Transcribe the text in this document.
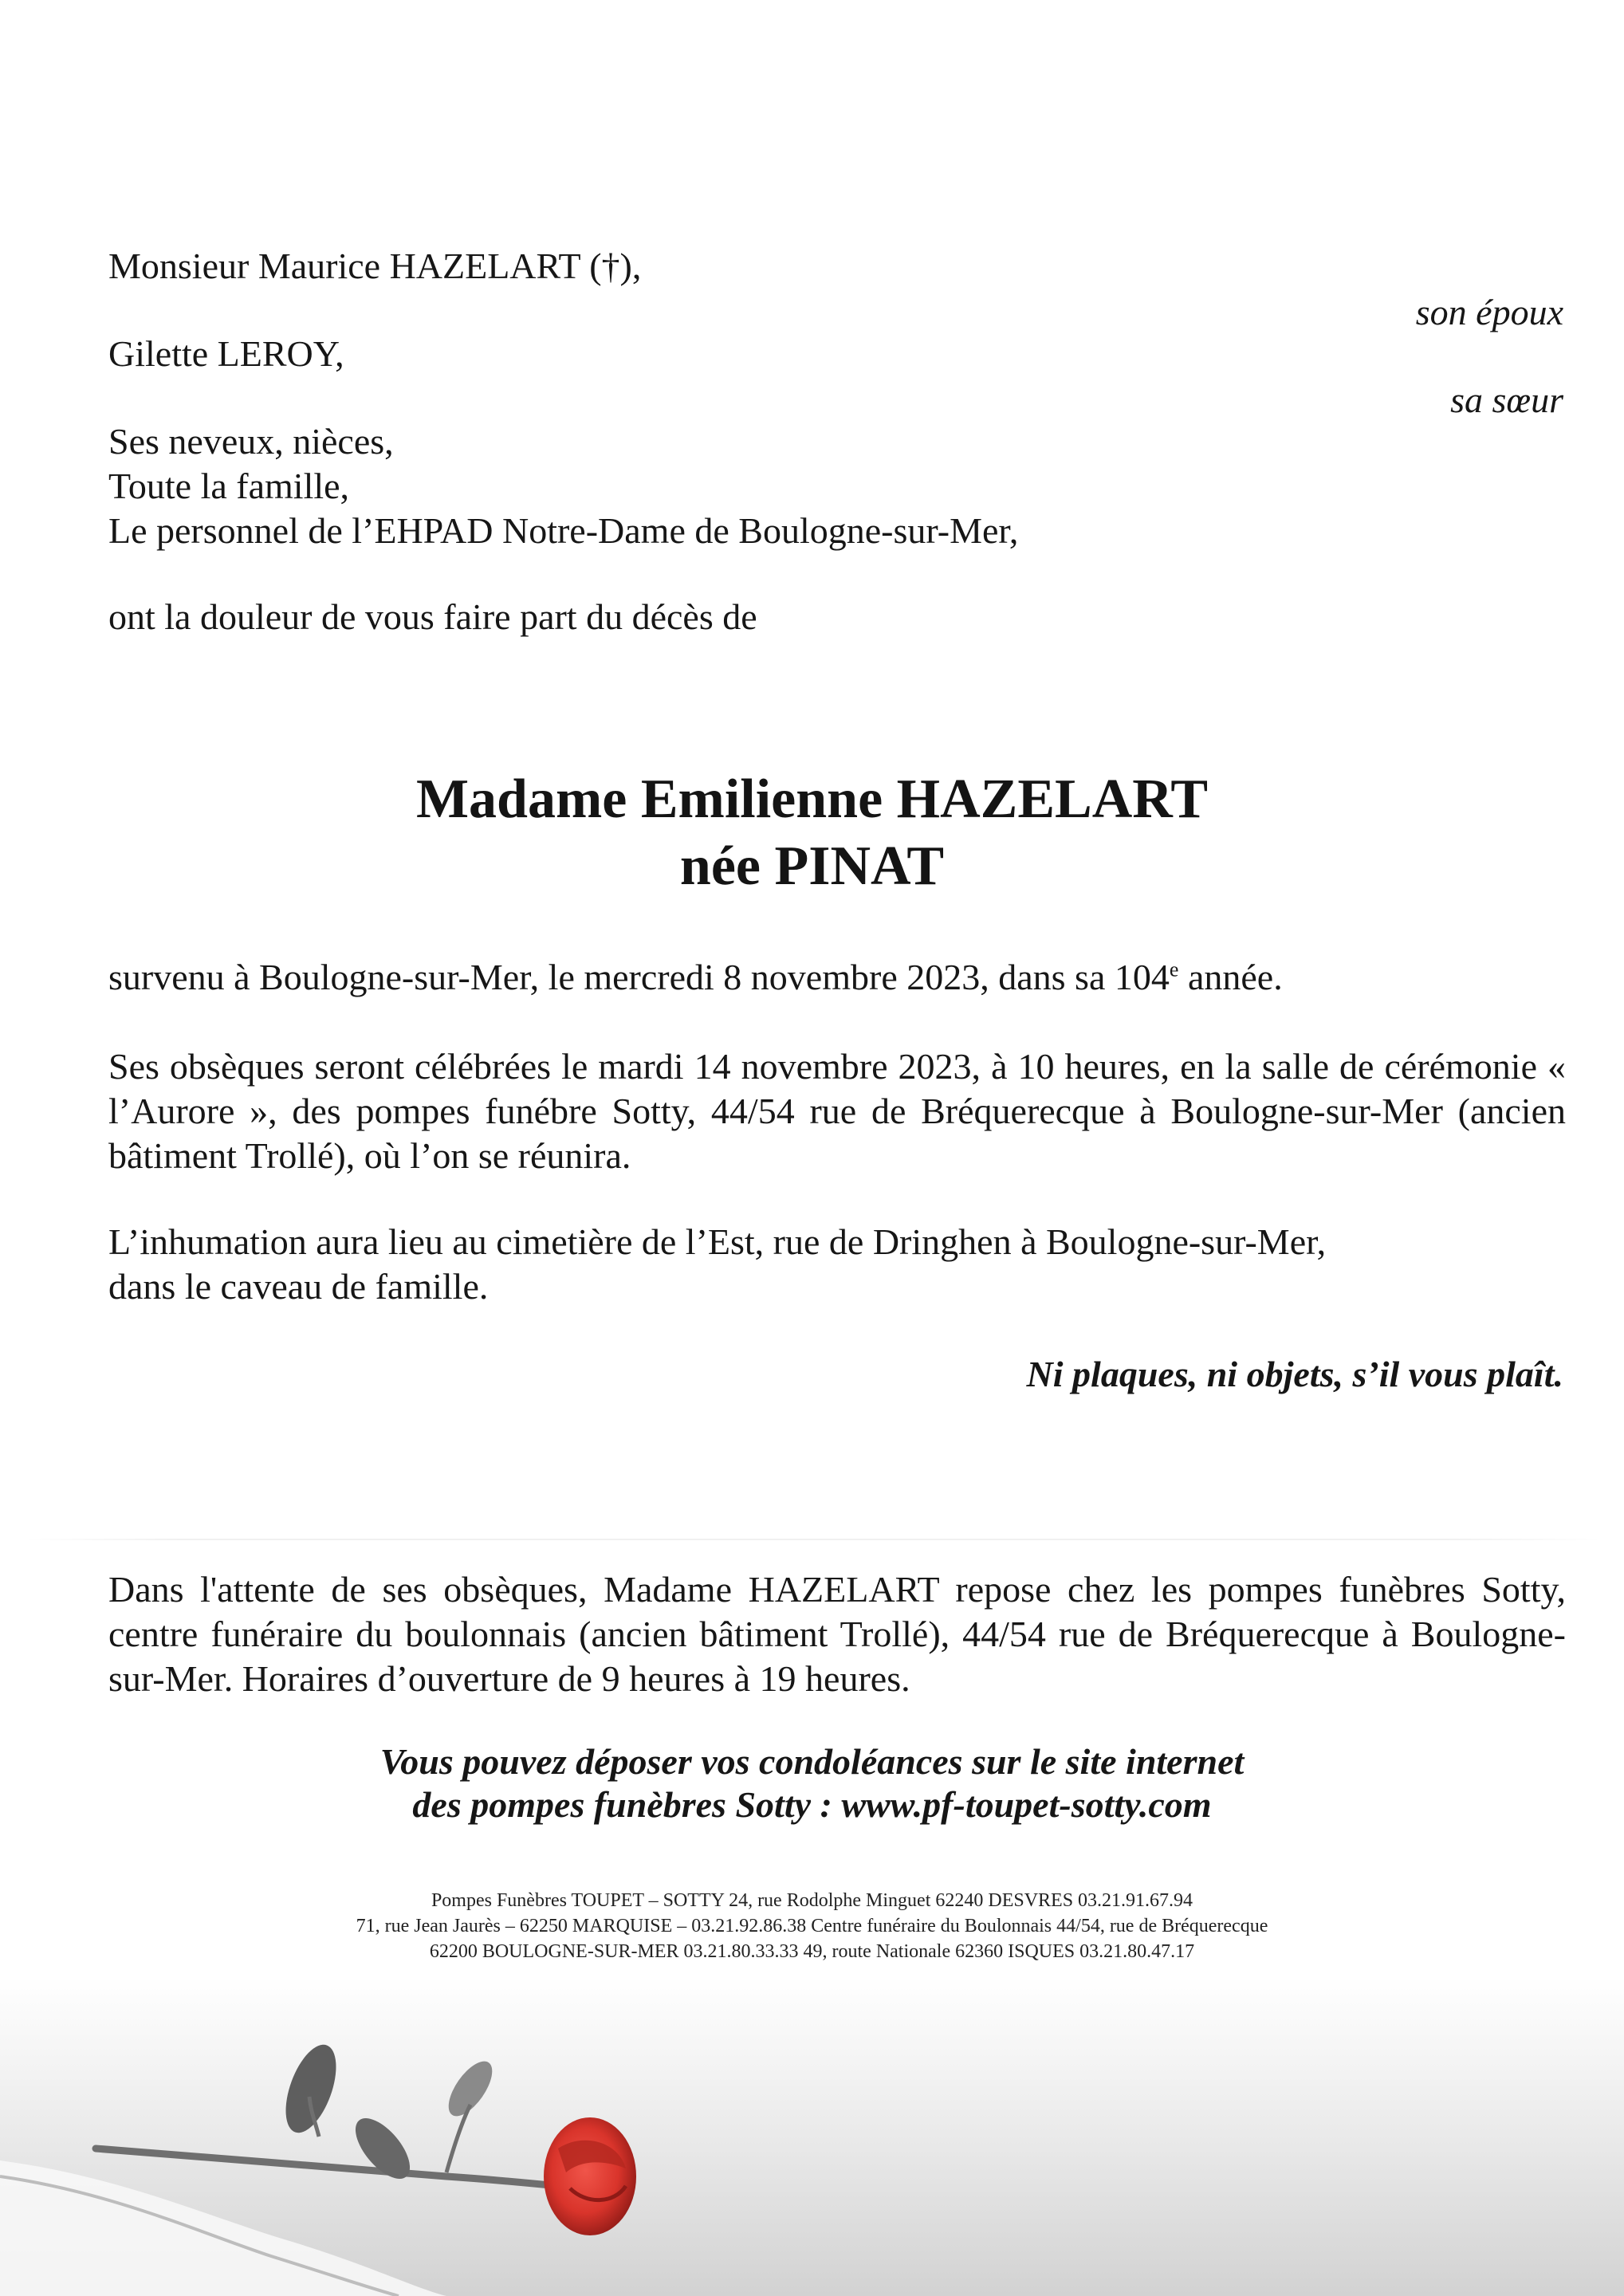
Monsieur Maurice HAZELART (†),
son époux
Gilette LEROY,
sa sœur
Ses neveux, nièces,
Toute la famille,
Le personnel de l’EHPAD Notre-Dame de Boulogne-sur-Mer,
ont la douleur de vous faire part du décès de
Madame Emilienne HAZELART
née PINAT
survenu à Boulogne-sur-Mer, le mercredi 8 novembre 2023, dans sa 104e année.
Ses obsèques seront célébrées le mardi 14 novembre 2023, à 10 heures, en la salle de cérémonie « l’Aurore », des pompes funébre Sotty, 44/54 rue de Bréquerecque à Boulogne-sur-Mer (ancien bâtiment Trollé), où l’on se réunira.
L’inhumation aura lieu au cimetière de l’Est, rue de Dringhen à Boulogne-sur-Mer,
dans le caveau de famille.
Ni plaques, ni objets, s’il vous plaît.
Dans l'attente de ses obsèques, Madame HAZELART repose chez les pompes funèbres Sotty, centre funéraire du boulonnais (ancien bâtiment Trollé), 44/54 rue de Bréquerecque à Boulogne-sur-Mer. Horaires d’ouverture de 9 heures à 19 heures.
Vous pouvez déposer vos condoléances sur le site internet
des pompes funèbres Sotty : www.pf-toupet-sotty.com
Pompes Funèbres TOUPET – SOTTY 24, rue Rodolphe Minguet 62240 DESVRES 03.21.91.67.94
71, rue Jean Jaurès – 62250 MARQUISE – 03.21.92.86.38 Centre funéraire du Boulonnais 44/54, rue de Bréquerecque
62200 BOULOGNE-SUR-MER 03.21.80.33.33 49, route Nationale 62360 ISQUES 03.21.80.47.17
